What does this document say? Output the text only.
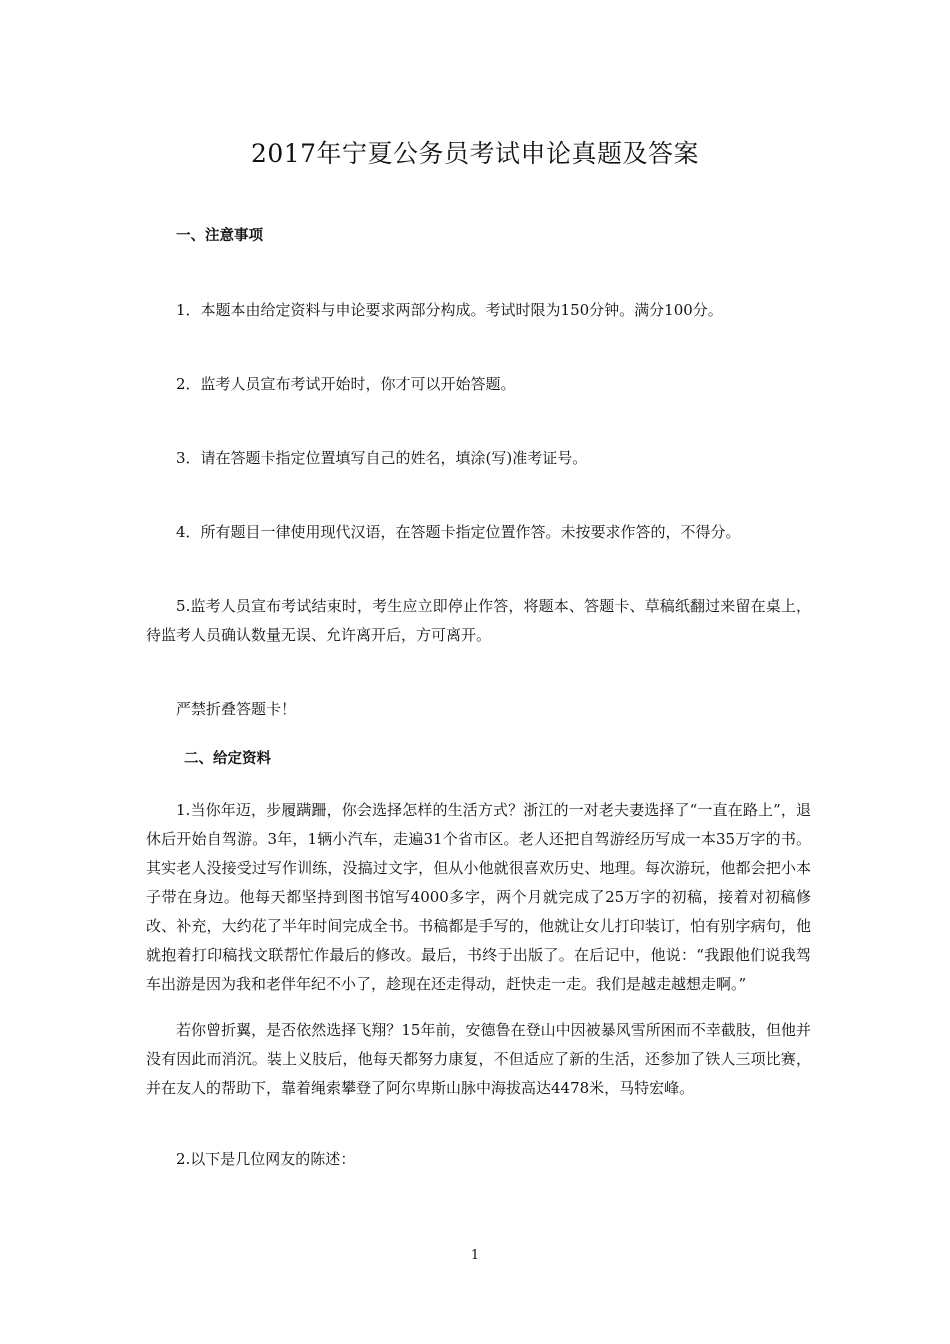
2017年宁夏公务员考试申论真题及答案
一、注意事项
1．本题本由给定资料与申论要求两部分构成。考试时限为150分钟。满分100分。
2．监考人员宣布考试开始时，你才可以开始答题。
3．请在答题卡指定位置填写自己的姓名，填涂(写)准考证号。
4．所有题目一律使用现代汉语，在答题卡指定位置作答。未按要求作答的，不得分。
5.监考人员宣布考试结束时，考生应立即停止作答，将题本、答题卡、草稿纸翻过来留在桌上，待监考人员确认数量无误、允许离开后，方可离开。
严禁折叠答题卡！
二、给定资料
1.当你年迈，步履蹒跚，你会选择怎样的生活方式？浙江的一对老夫妻选择了“一直在路上”，退休后开始自驾游。3年，1辆小汽车，走遍31个省市区。老人还把自驾游经历写成一本35万字的书。其实老人没接受过写作训练，没搞过文字，但从小他就很喜欢历史、地理。每次游玩，他都会把小本子带在身边。他每天都坚持到图书馆写4000多字，两个月就完成了25万字的初稿，接着对初稿修改、补充，大约花了半年时间完成全书。书稿都是手写的，他就让女儿打印装订，怕有别字病句，他就抱着打印稿找文联帮忙作最后的修改。最后，书终于出版了。在后记中，他说：“我跟他们说我驾车出游是因为我和老伴年纪不小了，趁现在还走得动，赶快走一走。我们是越走越想走啊。”
若你曾折翼，是否依然选择飞翔？15年前，安德鲁在登山中因被暴风雪所困而不幸截肢，但他并没有因此而消沉。装上义肢后，他每天都努力康复，不但适应了新的生活，还参加了铁人三项比赛，并在友人的帮助下，靠着绳索攀登了阿尔卑斯山脉中海拔高达4478米，马特宏峰。
2.以下是几位网友的陈述：
1
